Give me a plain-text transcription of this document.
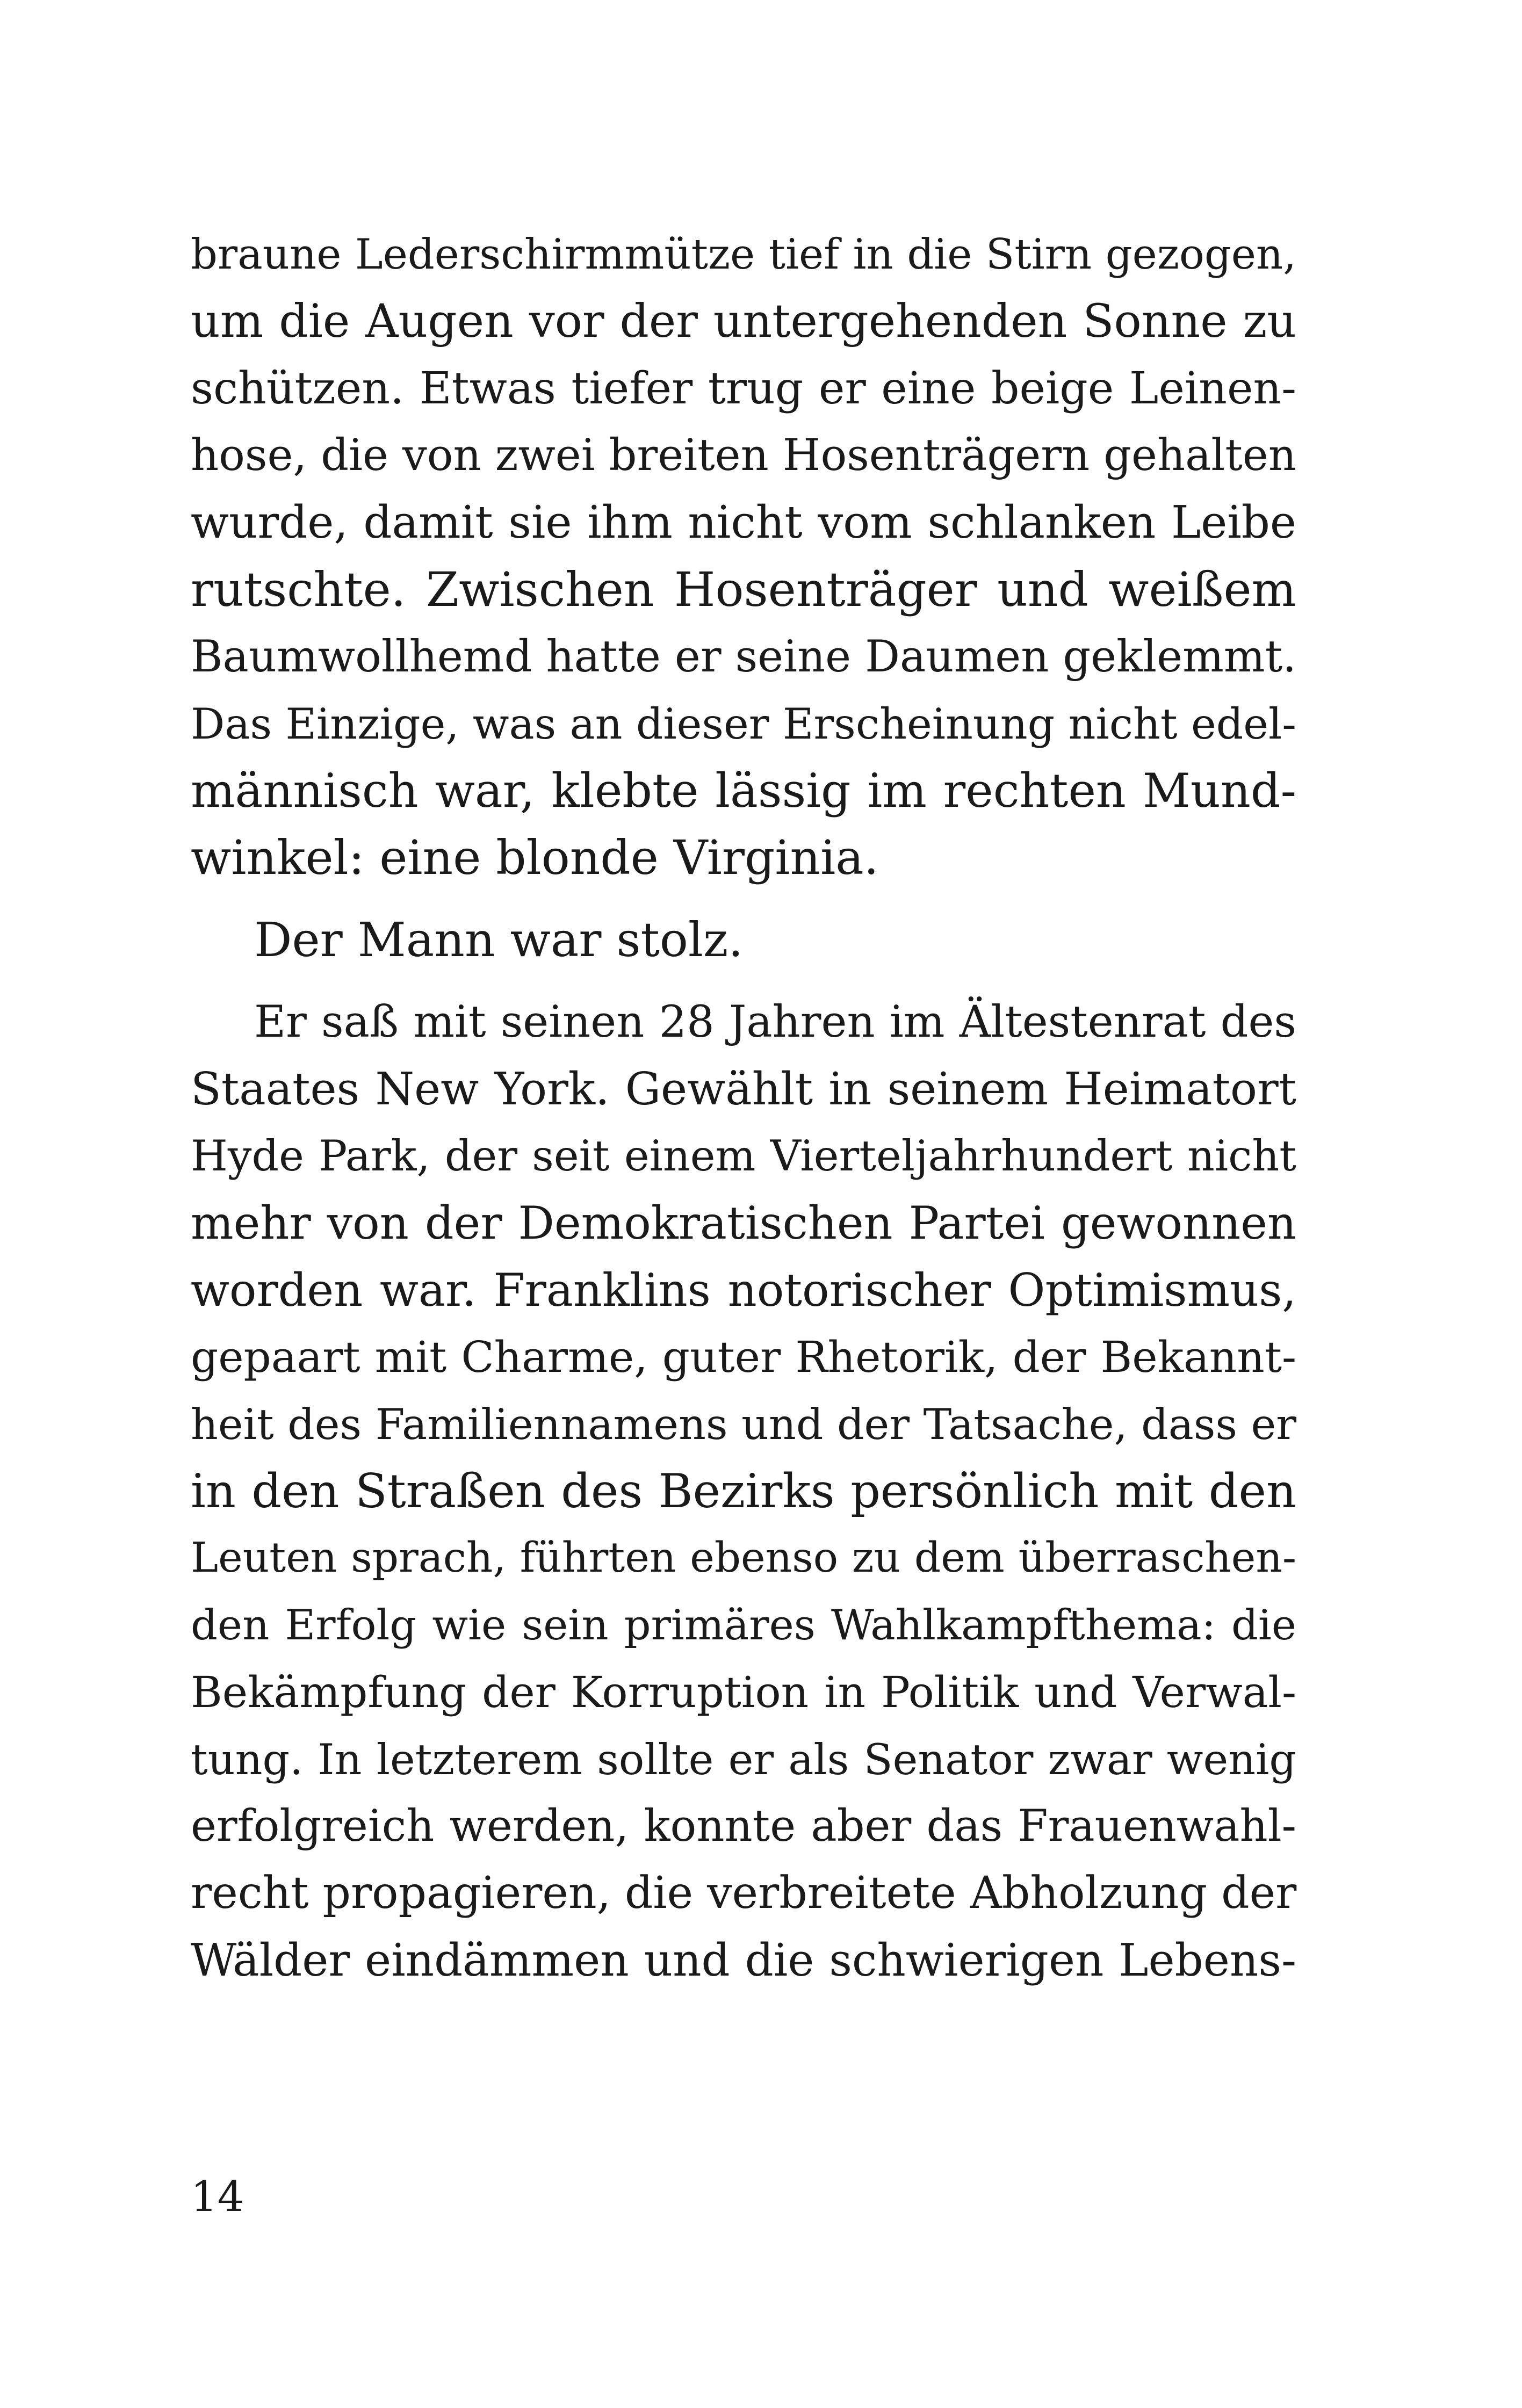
braune Lederschirmmütze tief in die Stirn gezogen,
um die Augen vor der untergehenden Sonne zu
schützen. Etwas tiefer trug er eine beige Leinen-
hose, die von zwei breiten Hosenträgern gehalten
wurde, damit sie ihm nicht vom schlanken Leibe
rutschte. Zwischen Hosenträger und weißem
Baumwollhemd hatte er seine Daumen geklemmt.
Das Einzige, was an dieser Erscheinung nicht edel-
männisch war, klebte lässig im rechten Mund-
winkel: eine blonde Virginia.
Der Mann war stolz.
Er saß mit seinen 28 Jahren im Ältestenrat des
Staates New York. Gewählt in seinem Heimatort
Hyde Park, der seit einem Vierteljahrhundert nicht
mehr von der Demokratischen Partei gewonnen
worden war. Franklins notorischer Optimismus,
gepaart mit Charme, guter Rhetorik, der Bekannt-
heit des Familiennamens und der Tatsache, dass er
in den Straßen des Bezirks persönlich mit den
Leuten sprach, führten ebenso zu dem überraschen-
den Erfolg wie sein primäres Wahlkampfthema: die
Bekämpfung der Korruption in Politik und Verwal-
tung. In letzterem sollte er als Senator zwar wenig
erfolgreich werden, konnte aber das Frauenwahl-
recht propagieren, die verbreitete Abholzung der
Wälder eindämmen und die schwierigen Lebens-
14
